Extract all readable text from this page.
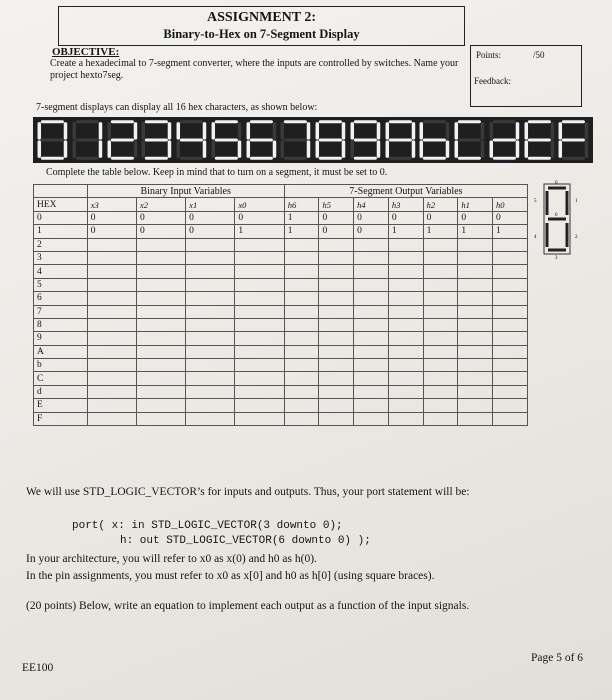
ASSIGNMENT 2:
Binary-to-Hex on 7-Segment Display
Points:	/50
Feedback:
OBJECTIVE:
Create a hexadecimal to 7-segment converter, where the inputs are controlled by switches. Name your project hexto7seg.
7-segment displays can display all 16 hex characters, as shown below:
Complete the table below. Keep in mind that to turn on a segment, it must be set to 0.
	Binary Input Variables				7-Segment Output Variables						
HEX	x3	x2	x1	x0	h6	h5	h4	h3	h2	h1	h0
0	0	0	0	0	1	0	0	0	0	0	0
1	0	0	0	1	1	0	0	1	1	1	1
2											
3											
4											
5											
6											
7											
8											
9											
A											
b											
C											
d											
E											
F											
0
1
2
3
4
5
6
We will use STD_LOGIC_VECTOR’s for inputs and outputs. Thus, your port statement will be:
port( x: in STD_LOGIC_VECTOR(3 downto 0);
h: out STD_LOGIC_VECTOR(6 downto 0) );
In your architecture, you will refer to x0 as x(0) and h0 as h(0).
In the pin assignments, you must refer to x0 as x[0] and h0 as h[0] (using square braces).
(20 points) Below, write an equation to implement each output as a function of the input signals.
EE100
Page 5 of 6
